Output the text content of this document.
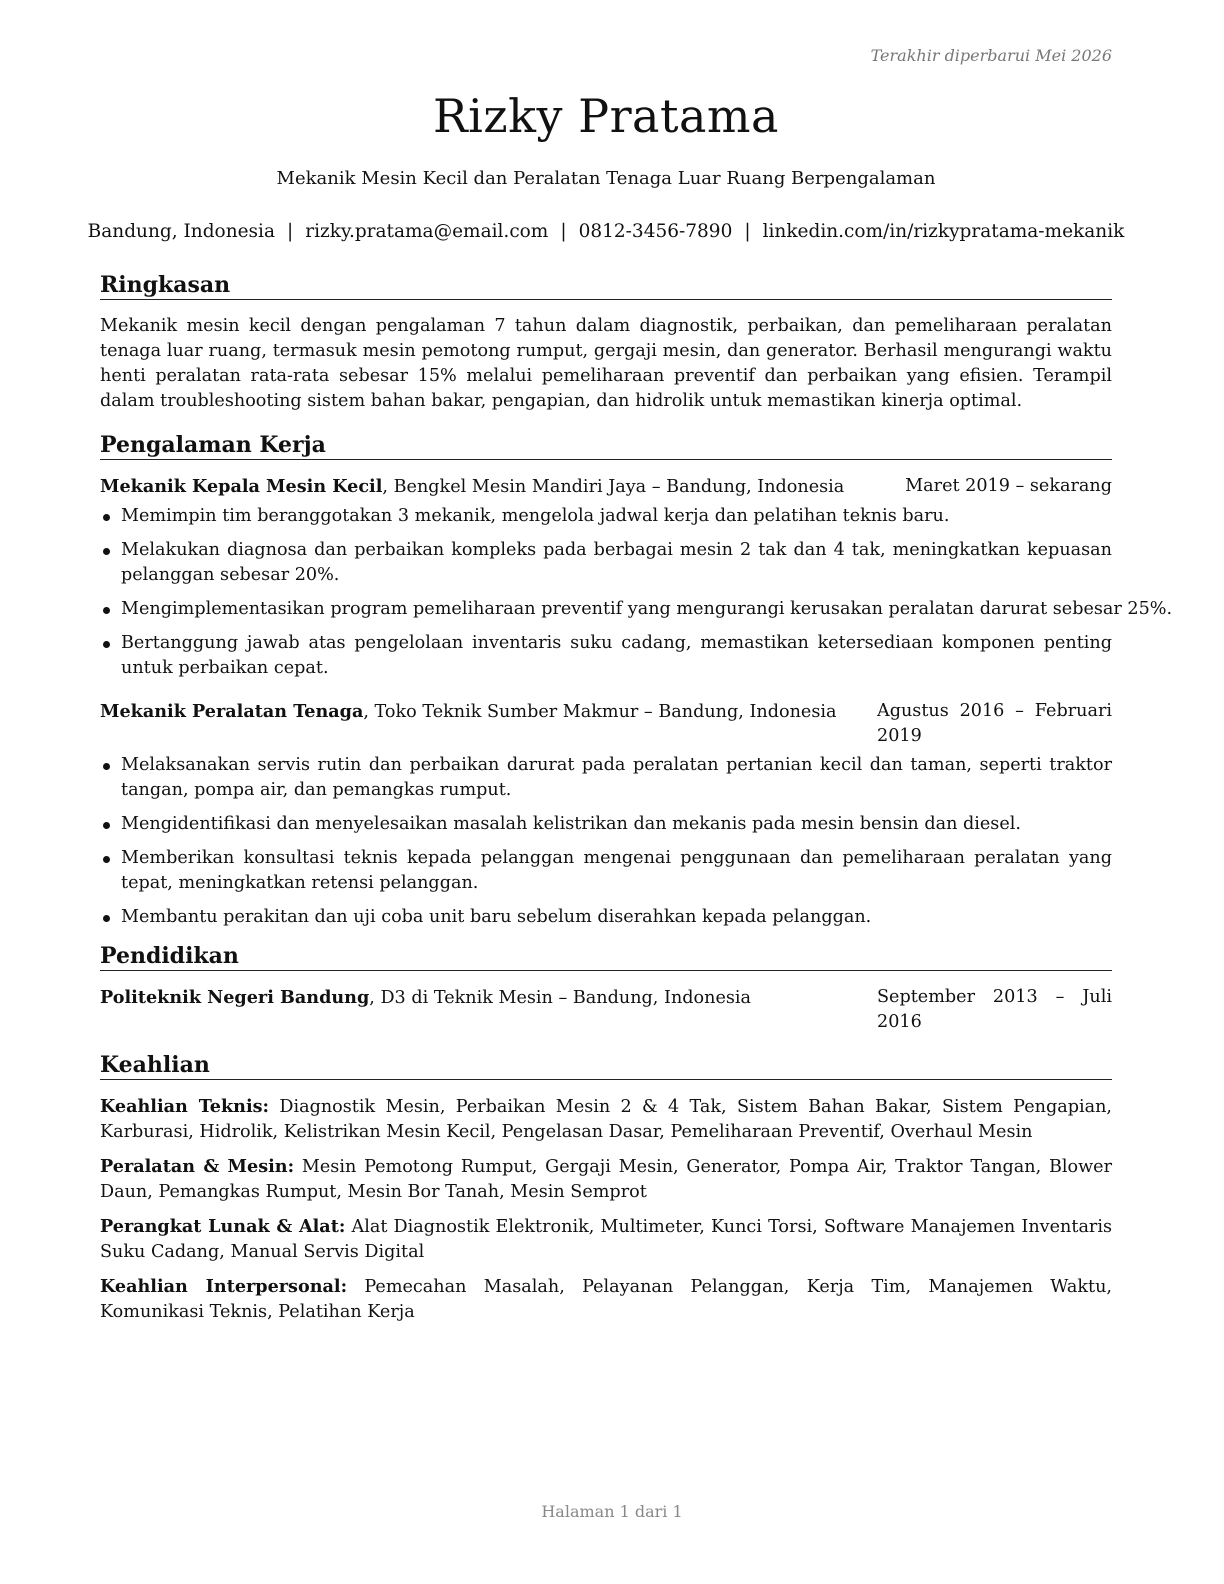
Terakhir diperbarui Mei 2026
Rizky Pratama
Mekanik Mesin Kecil dan Peralatan Tenaga Luar Ruang Berpengalaman
Bandung, Indonesia | rizky.pratama@email.com | 0812-3456-7890 | linkedin.com/in/rizkypratama-mekanik
Ringkasan
Mekanik mesin kecil dengan pengalaman 7 tahun dalam diagnostik, perbaikan, dan pemeliharaan peralatan tenaga luar ruang, termasuk mesin pemotong rumput, gergaji mesin, dan generator. Berhasil mengurangi waktu henti peralatan rata-rata sebesar 15% melalui pemeliharaan preventif dan perbaikan yang efisien. Terampil dalam troubleshooting sistem bahan bakar, pengapian, dan hidrolik untuk memastikan kinerja optimal.
Pengalaman Kerja
Mekanik Kepala Mesin Kecil, Bengkel Mesin Mandiri Jaya – Bandung, Indonesia	Maret 2019 – sekarang
Memimpin tim beranggotakan 3 mekanik, mengelola jadwal kerja dan pelatihan teknis baru.
Melakukan diagnosa dan perbaikan kompleks pada berbagai mesin 2 tak dan 4 tak, meningkatkan kepuasan pelanggan sebesar 20%.
Mengimplementasikan program pemeliharaan preventif yang mengurangi kerusakan peralatan darurat sebesar 25%.
Bertanggung jawab atas pengelolaan inventaris suku cadang, memastikan ketersediaan komponen penting untuk perbaikan cepat.
Mekanik Peralatan Tenaga, Toko Teknik Sumber Makmur – Bandung, Indonesia Agustus 2016 – Februari 2019
Melaksanakan servis rutin dan perbaikan darurat pada peralatan pertanian kecil dan taman, seperti traktor tangan, pompa air, dan pemangkas rumput.
Mengidentifikasi dan menyelesaikan masalah kelistrikan dan mekanis pada mesin bensin dan diesel.
Memberikan konsultasi teknis kepada pelanggan mengenai penggunaan dan pemeliharaan peralatan yang tepat, meningkatkan retensi pelanggan.
Membantu perakitan dan uji coba unit baru sebelum diserahkan kepada pelanggan.
Pendidikan
Politeknik Negeri Bandung, D3 di Teknik Mesin – Bandung, Indonesia	September 2013 – Juli 2016
Keahlian
Keahlian Teknis: Diagnostik Mesin, Perbaikan Mesin 2 & 4 Tak, Sistem Bahan Bakar, Sistem Pengapian, Karburasi, Hidrolik, Kelistrikan Mesin Kecil, Pengelasan Dasar, Pemeliharaan Preventif, Overhaul Mesin
Peralatan & Mesin: Mesin Pemotong Rumput, Gergaji Mesin, Generator, Pompa Air, Traktor Tangan, Blower Daun, Pemangkas Rumput, Mesin Bor Tanah, Mesin Semprot
Perangkat Lunak & Alat: Alat Diagnostik Elektronik, Multimeter, Kunci Torsi, Software Manajemen Inventaris Suku Cadang, Manual Servis Digital
Keahlian Interpersonal: Pemecahan Masalah, Pelayanan Pelanggan, Kerja Tim, Manajemen Waktu, Komunikasi Teknis, Pelatihan Kerja
Halaman 1 dari 1
